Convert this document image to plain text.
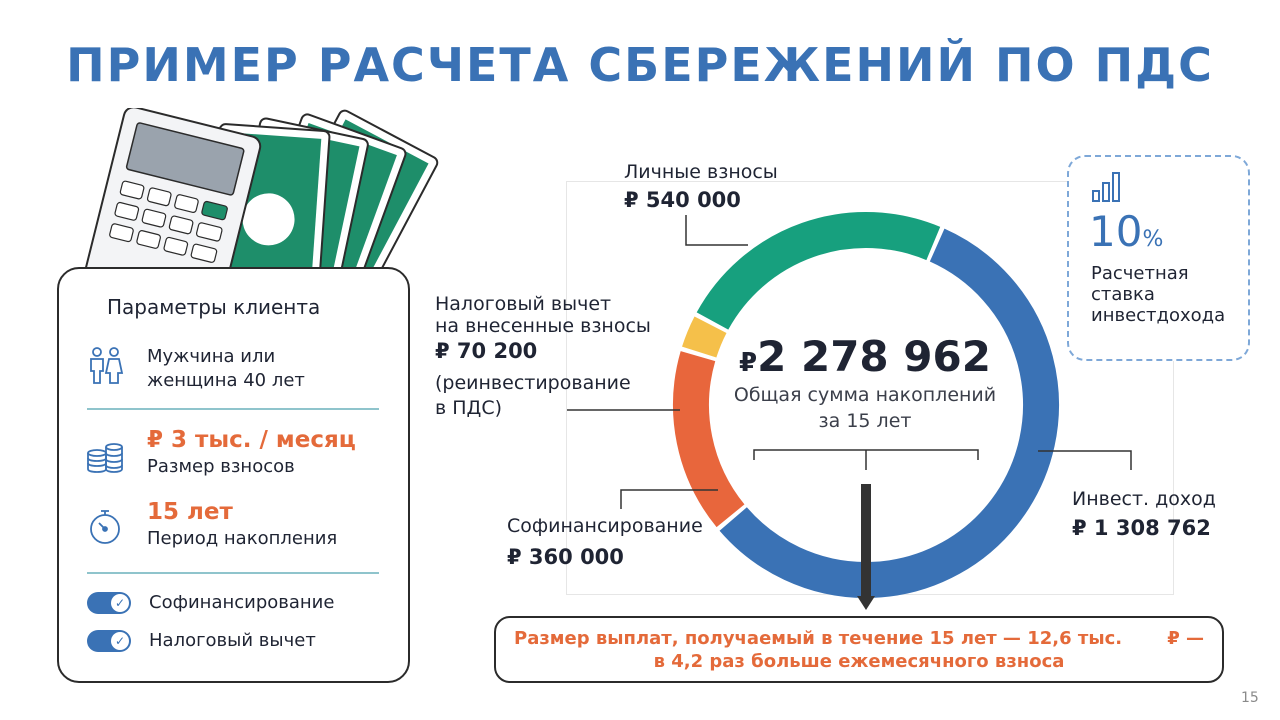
ПРИМЕР РАСЧЕТА СБЕРЕЖЕНИЙ ПО ПДС
Параметры клиента
Мужчина или
женщина 40 лет
₽ 3 тыс. / месяц
Размер взносов
15 лет
Период накопления
✓ Софинансирование
✓ Налоговый вычет
Личные взносы
₽ 540 000
Налоговый вычет
на внесенные взносы
₽ 70 200
(реинвестирование
в ПДС)
Софинансирование
₽ 360 000
Инвест. доход
₽ 1 308 762
₽2 278 962
Общая сумма накоплений
за 15 лет
10%
Расчетная
ставка
инвестдохода
Размер выплат, получаемый в течение 15 лет — 12,6 тыс.	₽ —
в 4,2 раз больше ежемесячного взноса
15
